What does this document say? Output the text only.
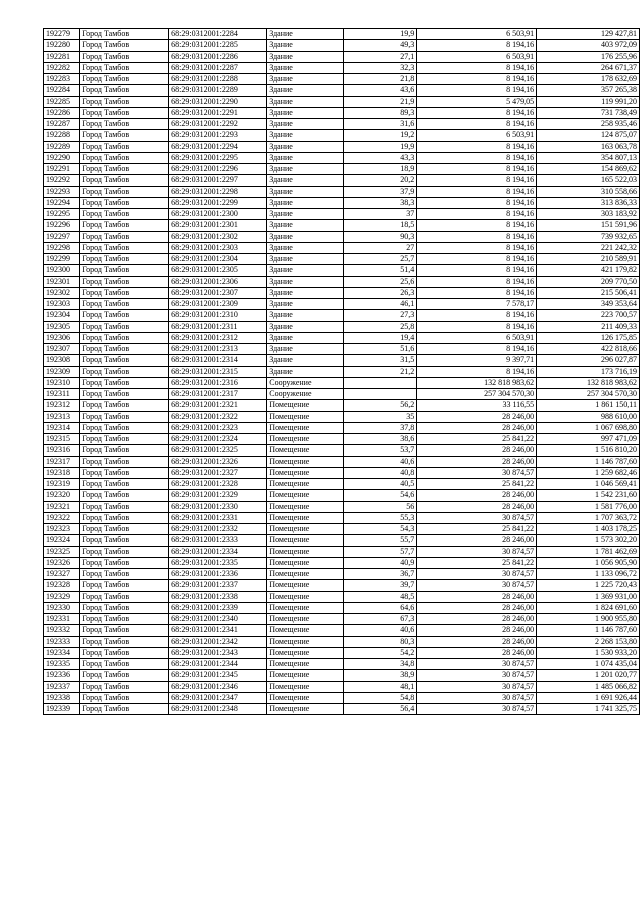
192279	Город Тамбов	68:29:0312001:2284	Здание	19,9	6 503,91	129 427,81
192280	Город Тамбов	68:29:0312001:2285	Здание	49,3	8 194,16	403 972,09
192281	Город Тамбов	68:29:0312001:2286	Здание	27,1	6 503,91	176 255,96
192282	Город Тамбов	68:29:0312001:2287	Здание	32,3	8 194,16	264 671,37
192283	Город Тамбов	68:29:0312001:2288	Здание	21,8	8 194,16	178 632,69
192284	Город Тамбов	68:29:0312001:2289	Здание	43,6	8 194,16	357 265,38
192285	Город Тамбов	68:29:0312001:2290	Здание	21,9	5 479,05	119 991,20
192286	Город Тамбов	68:29:0312001:2291	Здание	89,3	8 194,16	731 738,49
192287	Город Тамбов	68:29:0312001:2292	Здание	31,6	8 194,16	258 935,46
192288	Город Тамбов	68:29:0312001:2293	Здание	19,2	6 503,91	124 875,07
192289	Город Тамбов	68:29:0312001:2294	Здание	19,9	8 194,16	163 063,78
192290	Город Тамбов	68:29:0312001:2295	Здание	43,3	8 194,16	354 807,13
192291	Город Тамбов	68:29:0312001:2296	Здание	18,9	8 194,16	154 869,62
192292	Город Тамбов	68:29:0312001:2297	Здание	20,2	8 194,16	165 522,03
192293	Город Тамбов	68:29:0312001:2298	Здание	37,9	8 194,16	310 558,66
192294	Город Тамбов	68:29:0312001:2299	Здание	38,3	8 194,16	313 836,33
192295	Город Тамбов	68:29:0312001:2300	Здание	37	8 194,16	303 183,92
192296	Город Тамбов	68:29:0312001:2301	Здание	18,5	8 194,16	151 591,96
192297	Город Тамбов	68:29:0312001:2302	Здание	90,3	8 194,16	739 932,65
192298	Город Тамбов	68:29:0312001:2303	Здание	27	8 194,16	221 242,32
192299	Город Тамбов	68:29:0312001:2304	Здание	25,7	8 194,16	210 589,91
192300	Город Тамбов	68:29:0312001:2305	Здание	51,4	8 194,16	421 179,82
192301	Город Тамбов	68:29:0312001:2306	Здание	25,6	8 194,16	209 770,50
192302	Город Тамбов	68:29:0312001:2307	Здание	26,3	8 194,16	215 506,41
192303	Город Тамбов	68:29:0312001:2309	Здание	46,1	7 578,17	349 353,64
192304	Город Тамбов	68:29:0312001:2310	Здание	27,3	8 194,16	223 700,57
192305	Город Тамбов	68:29:0312001:2311	Здание	25,8	8 194,16	211 409,33
192306	Город Тамбов	68:29:0312001:2312	Здание	19,4	6 503,91	126 175,85
192307	Город Тамбов	68:29:0312001:2313	Здание	51,6	8 194,16	422 818,66
192308	Город Тамбов	68:29:0312001:2314	Здание	31,5	9 397,71	296 027,87
192309	Город Тамбов	68:29:0312001:2315	Здание	21,2	8 194,16	173 716,19
192310	Город Тамбов	68:29:0312001:2316	Сооружение		132 818 983,62	132 818 983,62
192311	Город Тамбов	68:29:0312001:2317	Сооружение		257 304 570,30	257 304 570,30
192312	Город Тамбов	68:29:0312001:2321	Помещение	56,2	33 116,55	1 861 150,11
192313	Город Тамбов	68:29:0312001:2322	Помещение	35	28 246,00	988 610,00
192314	Город Тамбов	68:29:0312001:2323	Помещение	37,8	28 246,00	1 067 698,80
192315	Город Тамбов	68:29:0312001:2324	Помещение	38,6	25 841,22	997 471,09
192316	Город Тамбов	68:29:0312001:2325	Помещение	53,7	28 246,00	1 516 810,20
192317	Город Тамбов	68:29:0312001:2326	Помещение	40,6	28 246,00	1 146 787,60
192318	Город Тамбов	68:29:0312001:2327	Помещение	40,8	30 874,57	1 259 682,46
192319	Город Тамбов	68:29:0312001:2328	Помещение	40,5	25 841,22	1 046 569,41
192320	Город Тамбов	68:29:0312001:2329	Помещение	54,6	28 246,00	1 542 231,60
192321	Город Тамбов	68:29:0312001:2330	Помещение	56	28 246,00	1 581 776,00
192322	Город Тамбов	68:29:0312001:2331	Помещение	55,3	30 874,57	1 707 363,72
192323	Город Тамбов	68:29:0312001:2332	Помещение	54,3	25 841,22	1 403 178,25
192324	Город Тамбов	68:29:0312001:2333	Помещение	55,7	28 246,00	1 573 302,20
192325	Город Тамбов	68:29:0312001:2334	Помещение	57,7	30 874,57	1 781 462,69
192326	Город Тамбов	68:29:0312001:2335	Помещение	40,9	25 841,22	1 056 905,90
192327	Город Тамбов	68:29:0312001:2336	Помещение	36,7	30 874,57	1 133 096,72
192328	Город Тамбов	68:29:0312001:2337	Помещение	39,7	30 874,57	1 225 720,43
192329	Город Тамбов	68:29:0312001:2338	Помещение	48,5	28 246,00	1 369 931,00
192330	Город Тамбов	68:29:0312001:2339	Помещение	64,6	28 246,00	1 824 691,60
192331	Город Тамбов	68:29:0312001:2340	Помещение	67,3	28 246,00	1 900 955,80
192332	Город Тамбов	68:29:0312001:2341	Помещение	40,6	28 246,00	1 146 787,60
192333	Город Тамбов	68:29:0312001:2342	Помещение	80,3	28 246,00	2 268 153,80
192334	Город Тамбов	68:29:0312001:2343	Помещение	54,2	28 246,00	1 530 933,20
192335	Город Тамбов	68:29:0312001:2344	Помещение	34,8	30 874,57	1 074 435,04
192336	Город Тамбов	68:29:0312001:2345	Помещение	38,9	30 874,57	1 201 020,77
192337	Город Тамбов	68:29:0312001:2346	Помещение	48,1	30 874,57	1 485 066,82
192338	Город Тамбов	68:29:0312001:2347	Помещение	54,8	30 874,57	1 691 926,44
192339	Город Тамбов	68:29:0312001:2348	Помещение	56,4	30 874,57	1 741 325,75
